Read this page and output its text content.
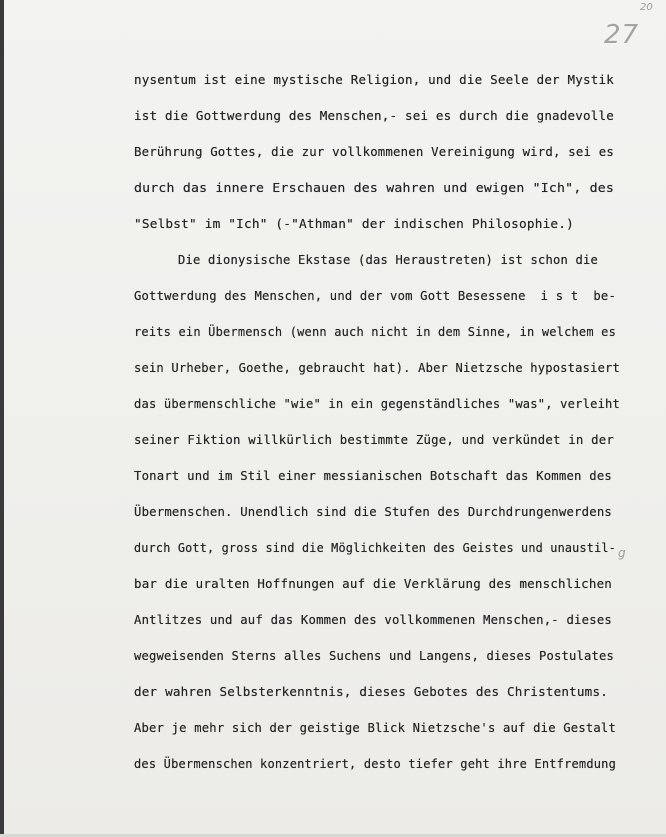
20
27
g
nysentum ist eine mystische Religion, und die Seele der Mystik
ist die Gottwerdung des Menschen,- sei es durch die gnadevolle
Berührung Gottes, die zur vollkommenen Vereinigung wird, sei es
durch das innere Erschauen des wahren und ewigen "Ich", des
"Selbst" im "Ich" (-"Athman" der indischen Philosophie.)
Die dionysische Ekstase (das Heraustreten) ist schon die
Gottwerdung des Menschen, und der vom Gott Besessene  i s t  be-
reits ein Übermensch (wenn auch nicht in dem Sinne, in welchem es
sein Urheber, Goethe, gebraucht hat). Aber Nietzsche hypostasiert
das übermenschliche "wie" in ein gegenständliches "was", verleiht
seiner Fiktion willkürlich bestimmte Züge, und verkündet in der
Tonart und im Stil einer messianischen Botschaft das Kommen des
Übermenschen. Unendlich sind die Stufen des Durchdrungenwerdens
durch Gott, gross sind die Möglichkeiten des Geistes und unaustil-
bar die uralten Hoffnungen auf die Verklärung des menschlichen
Antlitzes und auf das Kommen des vollkommenen Menschen,- dieses
wegweisenden Sterns alles Suchens und Langens, dieses Postulates
der wahren Selbsterkenntnis, dieses Gebotes des Christentums.
Aber je mehr sich der geistige Blick Nietzsche's auf die Gestalt
des Übermenschen konzentriert, desto tiefer geht ihre Entfremdung
